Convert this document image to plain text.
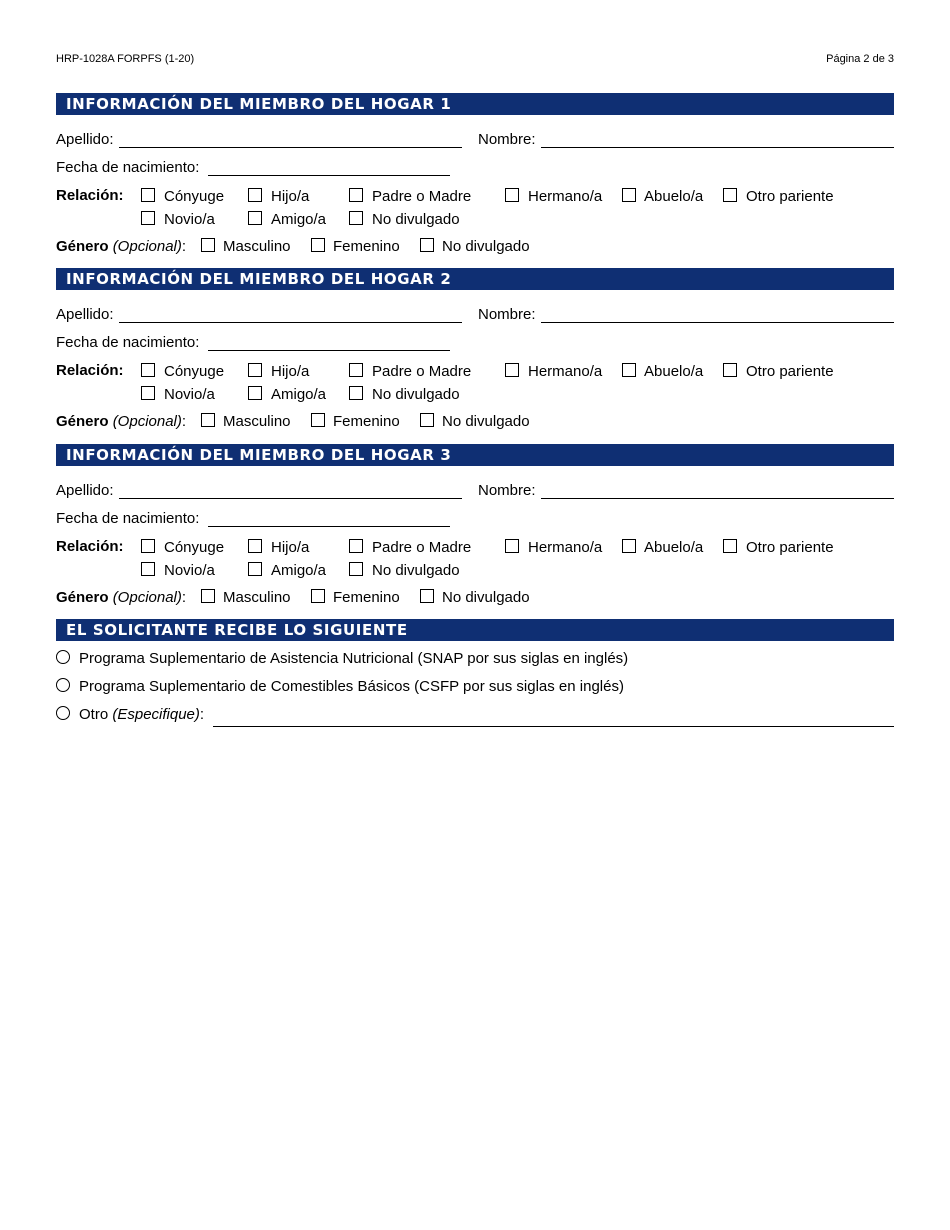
HRP-1028A FORPFS (1-20)	Página 2 de 3
INFORMACIÓN DEL MIEMBRO DEL HOGAR 1
Apellido:	Nombre:
Fecha de nacimiento:
Relación:	Cónyuge	Hijo/a	Padre o Madre	Hermano/a	Abuelo/a	Otro pariente
Novio/a	Amigo/a	No divulgado
Género (Opcional): Masculino	Femenino	No divulgado
INFORMACIÓN DEL MIEMBRO DEL HOGAR 2
Apellido:	Nombre:
Fecha de nacimiento:
Relación:	Cónyuge	Hijo/a	Padre o Madre	Hermano/a	Abuelo/a	Otro pariente
Novio/a	Amigo/a	No divulgado
Género (Opcional): Masculino	Femenino	No divulgado
INFORMACIÓN DEL MIEMBRO DEL HOGAR 3
Apellido:	Nombre:
Fecha de nacimiento:
Relación:	Cónyuge	Hijo/a	Padre o Madre	Hermano/a	Abuelo/a	Otro pariente
Novio/a	Amigo/a	No divulgado
Género (Opcional): Masculino	Femenino	No divulgado
EL SOLICITANTE RECIBE LO SIGUIENTE
Programa Suplementario de Asistencia Nutricional (SNAP por sus siglas en inglés)
Programa Suplementario de Comestibles Básicos (CSFP por sus siglas en inglés)
Otro (Especifique):
